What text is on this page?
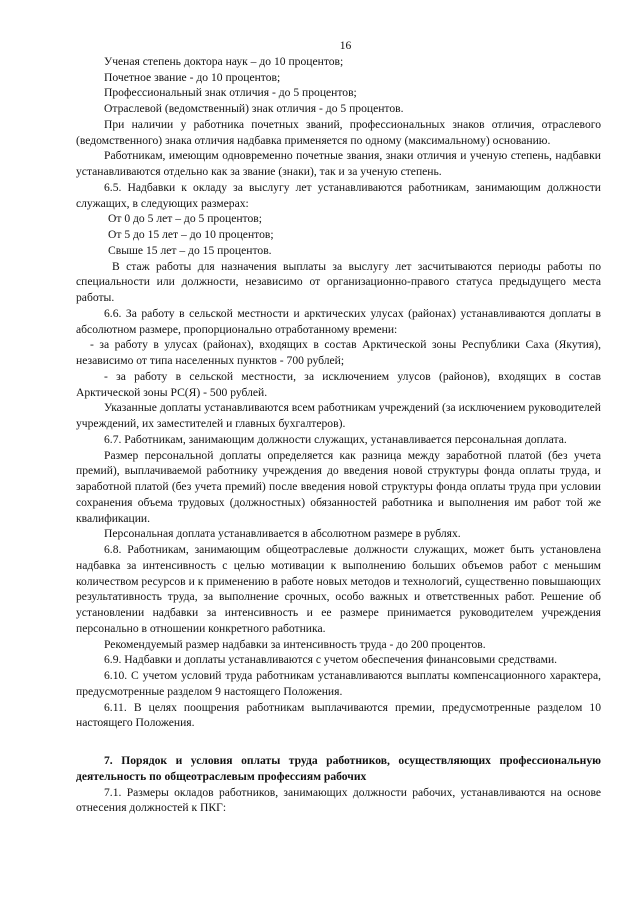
16

Ученая степень доктора наук – до 10 процентов;

Почетное звание - до 10 процентов;

Профессиональный знак отличия - до 5 процентов;

Отраслевой (ведомственный) знак отличия - до 5 процентов.

При наличии у работника почетных званий, профессиональных знаков отличия, отраслевого (ведомственного) знака отличия надбавка применяется по одному (максимальному) основанию.

Работникам, имеющим одновременно почетные звания, знаки отличия и ученую степень, надбавки устанавливаются отдельно как за звание (знаки), так и за ученую степень.

6.5. Надбавки к окладу за выслугу лет устанавливаются работникам, занимающим должности служащих, в следующих размерах:

От 0 до 5 лет – до 5 процентов;

От 5 до 15 лет – до 10 процентов;

Свыше 15 лет – до 15 процентов.

В стаж работы для назначения выплаты за выслугу лет засчитываются периоды работы по специальности или должности, независимо от организационно-правого статуса предыдущего места работы.

6.6. За работу в сельской местности и арктических улусах (районах) устанавливаются доплаты в абсолютном размере, пропорционально отработанному времени:

- за работу в улусах (районах), входящих в состав Арктической зоны Республики Саха (Якутия), независимо от типа населенных пунктов - 700 рублей;

- за работу в сельской местности, за исключением улусов (районов), входящих в состав Арктической зоны РС(Я) - 500 рублей.

Указанные доплаты устанавливаются всем работникам учреждений (за исключением руководителей учреждений, их заместителей и главных бухгалтеров).

6.7. Работникам, занимающим должности служащих, устанавливается персональная доплата.

Размер персональной доплаты определяется как разница между заработной платой (без учета премий), выплачиваемой работнику учреждения до введения новой структуры фонда оплаты труда, и заработной платой (без учета премий) после введения новой структуры фонда оплаты труда при условии сохранения объема трудовых (должностных) обязанностей работника и выполнения им работ той же квалификации.

Персональная доплата устанавливается в абсолютном размере в рублях.

6.8. Работникам, занимающим общеотраслевые должности служащих, может быть установлена надбавка за интенсивность с целью мотивации к выполнению больших объемов работ с меньшим количеством ресурсов и к применению в работе новых методов и технологий, существенно повышающих результативность труда, за выполнение срочных, особо важных и ответственных работ. Решение об установлении надбавки за интенсивность и ее размере принимается руководителем учреждения персонально в отношении конкретного работника.

Рекомендуемый размер надбавки за интенсивность труда - до 200 процентов.

6.9. Надбавки и доплаты устанавливаются с учетом обеспечения финансовыми средствами.

6.10. С учетом условий труда работникам устанавливаются выплаты компенсационного характера, предусмотренные разделом 9 настоящего Положения.

6.11. В целях поощрения работникам выплачиваются премии, предусмотренные разделом 10 настоящего Положения.

7. Порядок и условия оплаты труда работников, осуществляющих профессиональную деятельность по общеотраслевым профессиям рабочих

7.1. Размеры окладов работников, занимающих должности рабочих, устанавливаются на основе отнесения должностей к ПКГ:
